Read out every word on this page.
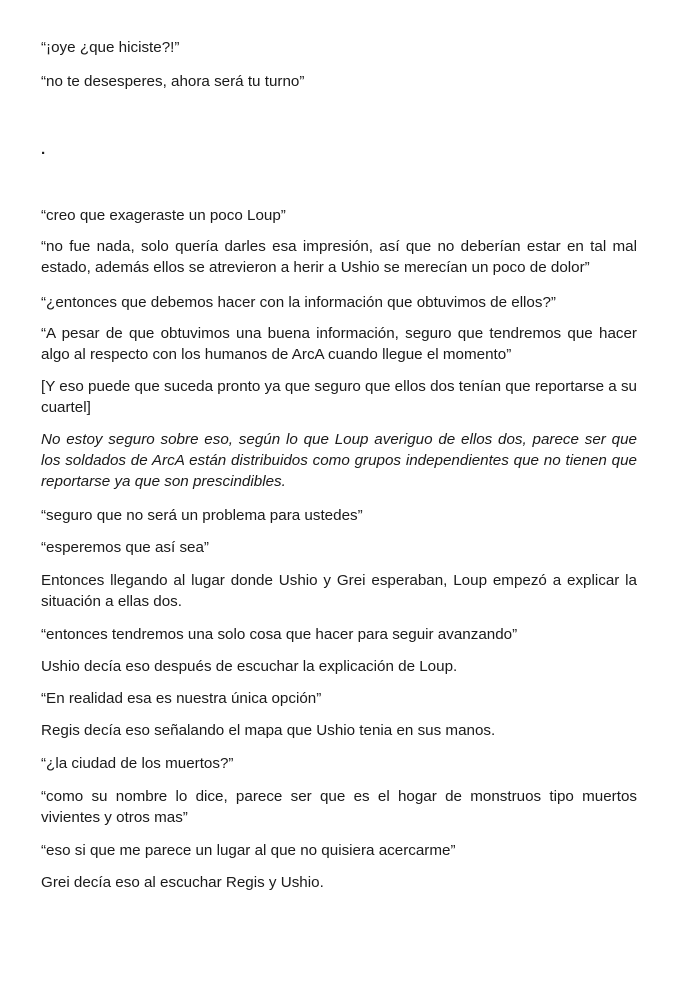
“¡oye ¿que hiciste?!”

“no te desesperes, ahora será tu turno”

.

“creo que exageraste un poco Loup”

“no fue nada, solo quería darles esa impresión, así que no deberían estar en tal mal estado, además ellos se atrevieron a herir a Ushio se merecían un poco de dolor”

“¿entonces que debemos hacer con la información que obtuvimos de ellos?”

“A pesar de que obtuvimos una buena información, seguro que tendremos que hacer algo al respecto con los humanos de ArcA cuando llegue el momento”

[Y eso puede que suceda pronto ya que seguro que ellos dos tenían que reportarse a su cuartel]

No estoy seguro sobre eso, según lo que Loup averiguo de ellos dos, parece ser que los soldados de ArcA están distribuidos como grupos independientes que no tienen que reportarse ya que son prescindibles.

“seguro que no será un problema para ustedes”

“esperemos que así sea”

Entonces llegando al lugar donde Ushio y Grei esperaban, Loup empezó a explicar la situación a ellas dos.

“entonces tendremos una solo cosa que hacer para seguir avanzando”

Ushio decía eso después de escuchar la explicación de Loup.

“En realidad esa es nuestra única opción”

Regis decía eso señalando el mapa que Ushio tenia en sus manos.

“¿la ciudad de los muertos?”

“como su nombre lo dice, parece ser que es el hogar de monstruos tipo muertos vivientes y otros mas”

“eso si que me parece un lugar al que no quisiera acercarme”

Grei decía eso al escuchar Regis y Ushio.
